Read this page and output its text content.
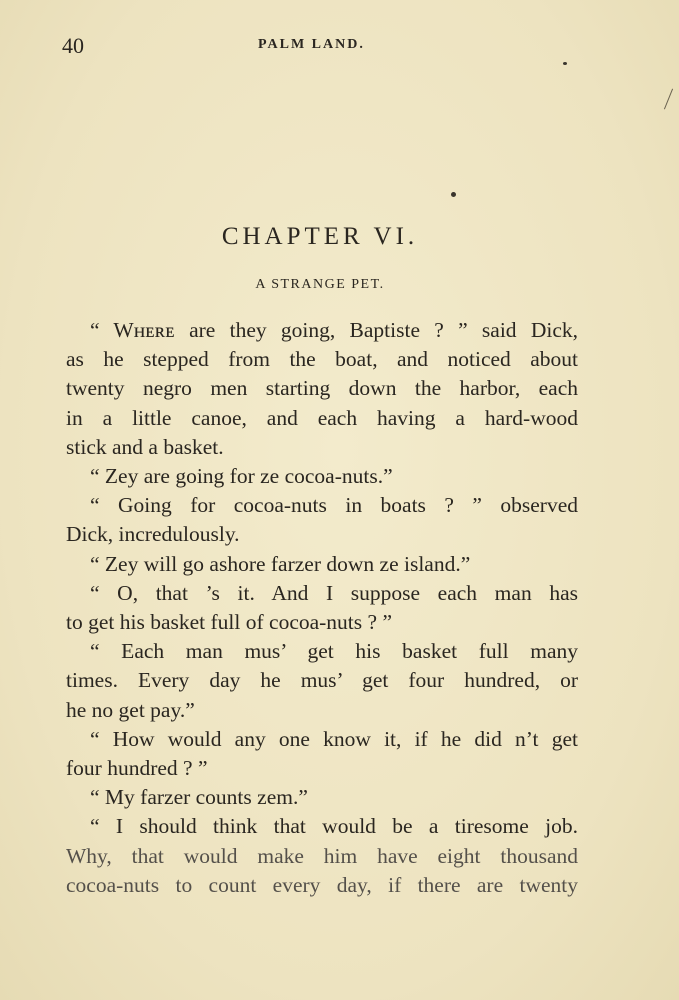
40	PALM LAND.
CHAPTER VI.
A STRANGE PET.
“ Wʜᴇʀᴇ are they going, Baptiste ? ” said Dick,
as he stepped from the boat, and noticed about
twenty negro men starting down the harbor, each
in a little canoe, and each having a hard-wood
stick and a basket.
“ Zey are going for ze cocoa-nuts.”
“ Going for cocoa-nuts in boats ? ” observed
Dick, incredulously.
“ Zey will go ashore farzer down ze island.”
“ O, that ’s it. And I suppose each man has
to get his basket full of cocoa-nuts ? ”
“ Each man mus’ get his basket full many
times. Every day he mus’ get four hundred, or
he no get pay.”
“ How would any one know it, if he did n’t get
four hundred ? ”
“ My farzer counts zem.”
“ I should think that would be a tiresome job.
Why, that would make him have eight thousand
cocoa-nuts to count every day, if there are twenty
